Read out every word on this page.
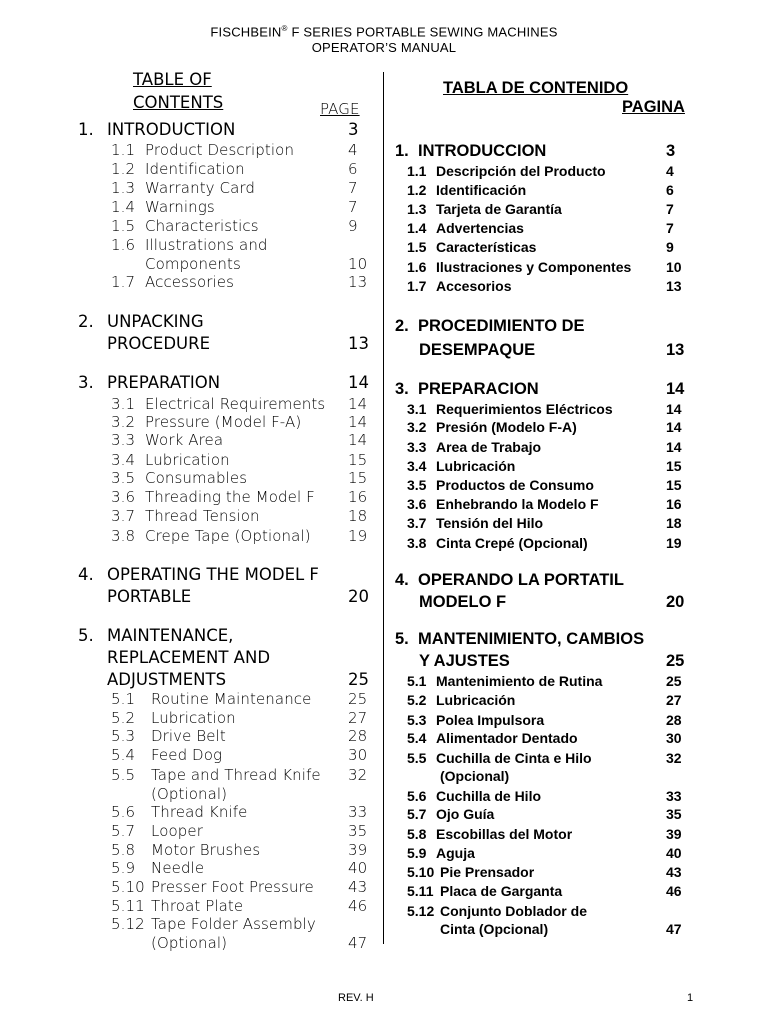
FISCHBEIN® F SERIES PORTABLE SEWING MACHINES
OPERATOR’S MANUAL
TABLE OF
CONTENTS	PAGE
TABLA DE CONTENIDO
PAGINA
1. INTRODUCTION	3
1.1 Product Description	4
1.2 Identification	6
1.3 Warranty Card	7
1.4 Warnings	7
1.5 Characteristics	9
1.6 Illustrations and
Components	10
1.7 Accessories	13
2. UNPACKING
PROCEDURE	13
3. PREPARATION	14
3.1 Electrical Requirements 14
3.2 Pressure (Model F-A)	14
3.3 Work Area	14
3.4 Lubrication	15
3.5 Consumables	15
3.6 Threading the Model F 16
3.7 Thread Tension	18
3.8 Crepe Tape (Optional) 19
4. OPERATING THE MODEL F
PORTABLE	20
5. MAINTENANCE,
REPLACEMENT AND
ADJUSTMENTS	25
5.1 Routine Maintenance 25
5.2 Lubrication	27
5.3 Drive Belt	28
5.4 Feed Dog	30
5.5 Tape and Thread Knife 32
(Optional)
5.6 Thread Knife	33
5.7 Looper	35
5.8 Motor Brushes	39
5.9 Needle	40
5.10 Presser Foot Pressure 43
5.11 Throat Plate	46
5.12 Tape Folder Assembly
(Optional)	47
1. INTRODUCCION	3
1.1 Descripción del Producto	4
1.2 Identificación	6
1.3 Tarjeta de Garantía	7
1.4 Advertencias	7
1.5 Características	9
1.6 Ilustraciones y Componentes 10
1.7 Accesorios	13
2. PROCEDIMIENTO DE
DESEMPAQUE	13
3. PREPARACION	14
3.1 Requerimientos Eléctricos	14
3.2 Presión (Modelo F-A)	14
3.3 Area de Trabajo	14
3.4 Lubricación	15
3.5 Productos de Consumo	15
3.6 Enhebrando la Modelo F	16
3.7 Tensión del Hilo	18
3.8 Cinta Crepé (Opcional)	19
4. OPERANDO LA PORTATIL
MODELO F	20
5. MANTENIMIENTO, CAMBIOS
Y AJUSTES	25
5.1 Mantenimiento de Rutina	25
5.2 Lubricación	27
5.3 Polea Impulsora	28
5.4 Alimentador Dentado	30
5.5 Cuchilla de Cinta e Hilo	32
(Opcional)
5.6 Cuchilla de Hilo	33
5.7 Ojo Guía	35
5.8 Escobillas del Motor	39
5.9 Aguja	40
5.10 Pie Prensador	43
5.11 Placa de Garganta	46
5.12 Conjunto Doblador de
Cinta (Opcional)	47
REV. H	1
